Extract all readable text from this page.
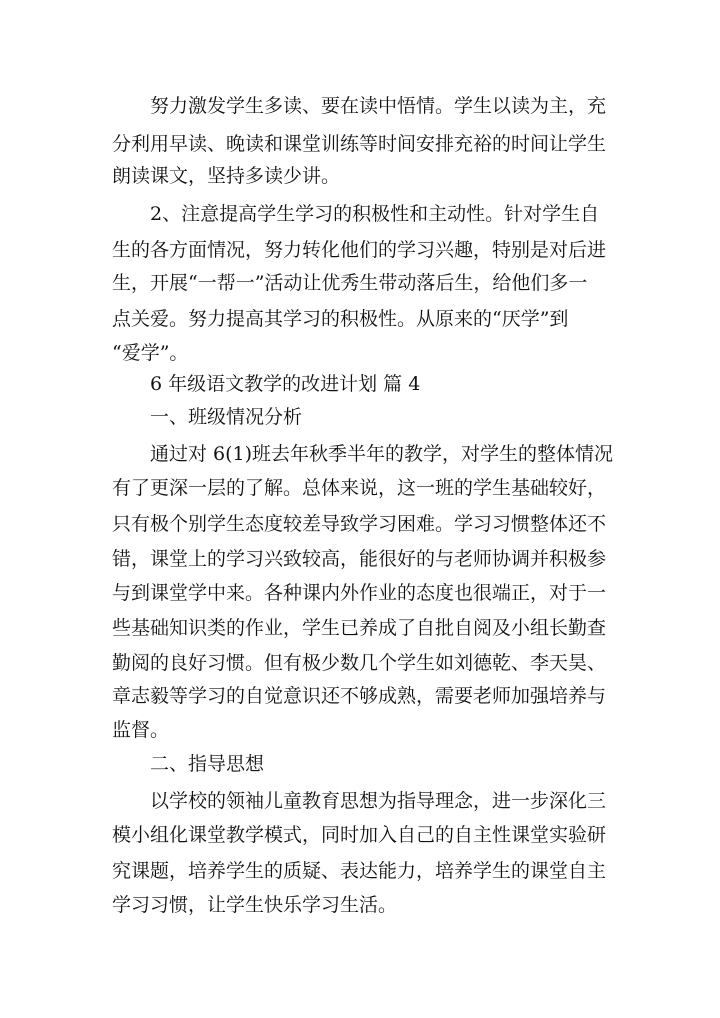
努力激发学生多读、要在读中悟情。学生以读为主，充
分利用早读、晚读和课堂训练等时间安排充裕的时间让学生
朗读课文，坚持多读少讲。
2、注意提高学生学习的积极性和主动性。针对学生自
生的各方面情况，努力转化他们的学习兴趣，特别是对后进
生，开展“一帮一”活动让优秀生带动落后生，给他们多一
点关爱。努力提高其学习的积极性。从原来的“厌学”到
“爱学”。
6 年级语文教学的改进计划 篇 4
一、班级情况分析
通过对 6(1)班去年秋季半年的教学，对学生的整体情况
有了更深一层的了解。总体来说，这一班的学生基础较好，
只有极个别学生态度较差导致学习困难。学习习惯整体还不
错，课堂上的学习兴致较高，能很好的与老师协调并积极参
与到课堂学中来。各种课内外作业的态度也很端正，对于一
些基础知识类的作业，学生已养成了自批自阅及小组长勤查
勤阅的良好习惯。但有极少数几个学生如刘德乾、李天昊、
章志毅等学习的自觉意识还不够成熟，需要老师加强培养与
监督。
二、指导思想
以学校的领袖儿童教育思想为指导理念，进一步深化三
模小组化课堂教学模式，同时加入自己的自主性课堂实验研
究课题，培养学生的质疑、表达能力，培养学生的课堂自主
学习习惯，让学生快乐学习生活。
